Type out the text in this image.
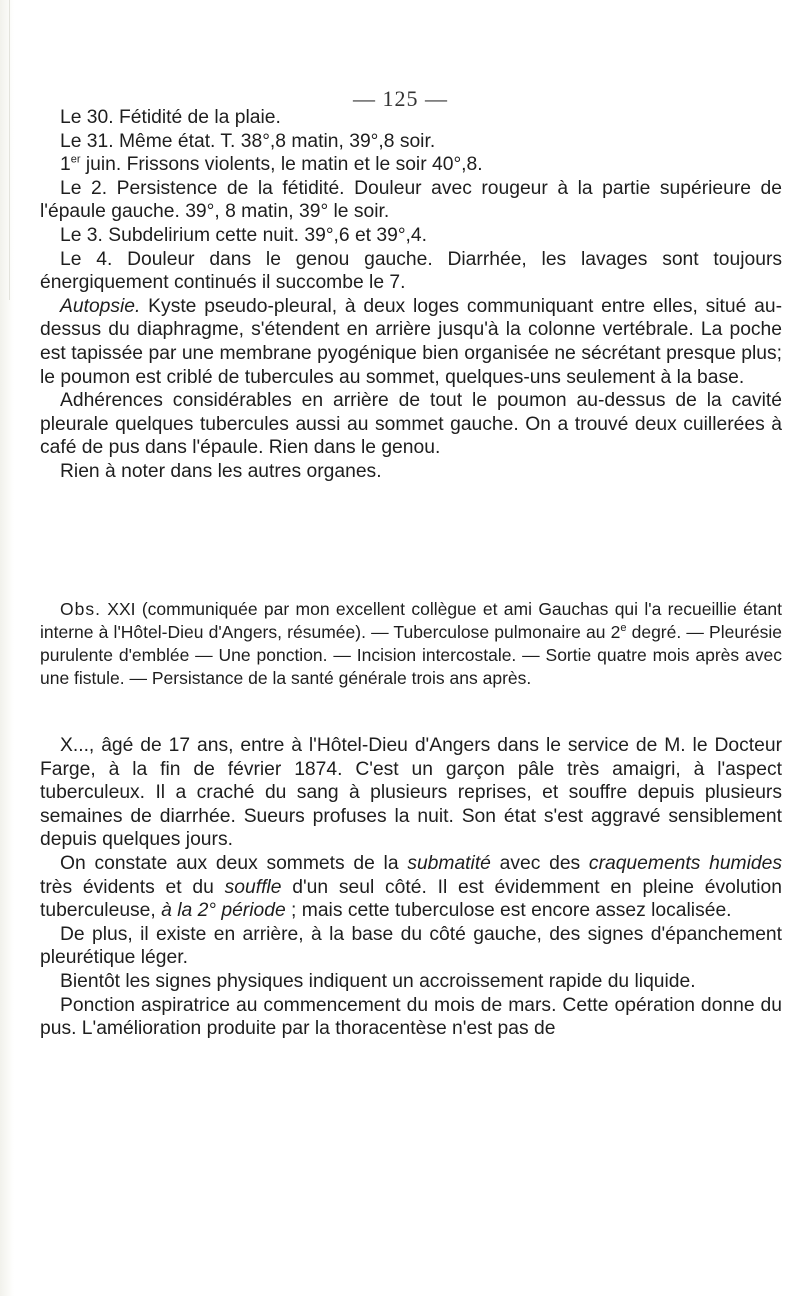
— 125 —

Le 30. Fétidité de la plaie.

Le 31. Même état. T. 38°,8 matin, 39°,8 soir.

1er juin. Frissons violents, le matin et le soir 40°,8.

Le 2. Persistence de la fétidité. Douleur avec rougeur à la partie supérieure de l'épaule gauche. 39°, 8 matin, 39° le soir.

Le 3. Subdelirium cette nuit. 39°,6 et 39°,4.

Le 4. Douleur dans le genou gauche. Diarrhée, les lavages sont toujours énergiquement continués il succombe le 7.

Autopsie. Kyste pseudo-pleural, à deux loges communiquant entre elles, situé au-dessus du diaphragme, s'étendent en arrière jusqu'à la colonne vertébrale. La poche est tapissée par une membrane pyogénique bien organisée ne sécrétant presque plus; le poumon est criblé de tubercules au sommet, quelques-uns seulement à la base.

Adhérences considérables en arrière de tout le poumon au-dessus de la cavité pleurale quelques tubercules aussi au sommet gauche. On a trouvé deux cuillerées à café de pus dans l'épaule. Rien dans le genou.

Rien à noter dans les autres organes.

Obs. XXI (communiquée par mon excellent collègue et ami Gauchas qui l'a recueillie étant interne à l'Hôtel-Dieu d'Angers, résumée). — Tuberculose pulmonaire au 2e degré. — Pleurésie purulente d'emblée — Une ponction. — Incision intercostale. — Sortie quatre mois après avec une fistule. — Persistance de la santé générale trois ans après.

X..., âgé de 17 ans, entre à l'Hôtel-Dieu d'Angers dans le service de M. le Docteur Farge, à la fin de février 1874. C'est un garçon pâle très amaigri, à l'aspect tuberculeux. Il a craché du sang à plusieurs reprises, et souffre depuis plusieurs semaines de diarrhée. Sueurs profuses la nuit. Son état s'est aggravé sensiblement depuis quelques jours.

On constate aux deux sommets de la submatité avec des craquements humides très évidents et du souffle d'un seul côté. Il est évidemment en pleine évolution tuberculeuse, à la 2° période ; mais cette tuberculose est encore assez localisée.

De plus, il existe en arrière, à la base du côté gauche, des signes d'épanchement pleurétique léger.

Bientôt les signes physiques indiquent un accroissement rapide du liquide.

Ponction aspiratrice au commencement du mois de mars. Cette opération donne du pus. L'amélioration produite par la thoracentèse n'est pas de
